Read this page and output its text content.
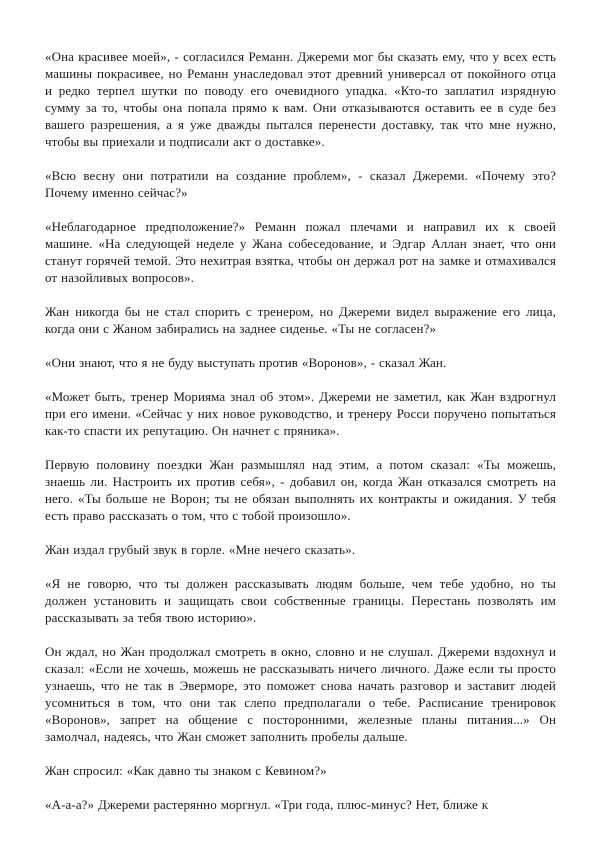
«Она красивее моей», - согласился Реманн. Джереми мог бы сказать ему, что у всех есть машины покрасивее, но Реманн унаследовал этот древний универсал от покойного отца и редко терпел шутки по поводу его очевидного упадка. «Кто-то заплатил изрядную сумму за то, чтобы она попала прямо к вам. Они отказываются оставить ее в суде без вашего разрешения, а я уже дважды пытался перенести доставку, так что мне нужно, чтобы вы приехали и подписали акт о доставке».

«Всю весну они потратили на создание проблем», - сказал Джереми. «Почему это? Почему именно сейчас?»

«Неблагодарное предположение?» Реманн пожал плечами и направил их к своей машине. «На следующей неделе у Жана собеседование, и Эдгар Аллан знает, что они станут горячей темой. Это нехитрая взятка, чтобы он держал рот на замке и отмахивался от назойливых вопросов».

Жан никогда бы не стал спорить с тренером, но Джереми видел выражение его лица, когда они с Жаном забирались на заднее сиденье. «Ты не согласен?»

«Они знают, что я не буду выступать против «Воронов», - сказал Жан.

«Может быть, тренер Морияма знал об этом». Джереми не заметил, как Жан вздрогнул при его имени. «Сейчас у них новое руководство, и тренеру Росси поручено попытаться как-то спасти их репутацию. Он начнет с пряника».

Первую половину поездки Жан размышлял над этим, а потом сказал: «Ты можешь, знаешь ли. Настроить их против себя», - добавил он, когда Жан отказался смотреть на него. «Ты больше не Ворон; ты не обязан выполнять их контракты и ожидания. У тебя есть право рассказать о том, что с тобой произошло».

Жан издал грубый звук в горле. «Мне нечего сказать».

«Я не говорю, что ты должен рассказывать людям больше, чем тебе удобно, но ты должен установить и защищать свои собственные границы. Перестань позволять им рассказывать за тебя твою историю».

Он ждал, но Жан продолжал смотреть в окно, словно и не слушал. Джереми вздохнул и сказал: «Если не хочешь, можешь не рассказывать ничего личного. Даже если ты просто узнаешь, что не так в Эверморе, это поможет снова начать разговор и заставит людей усомниться в том, что они так слепо предполагали о тебе. Расписание тренировок «Воронов», запрет на общение с посторонними, железные планы питания...» Он замолчал, надеясь, что Жан сможет заполнить пробелы дальше.

Жан спросил: «Как давно ты знаком с Кевином?»

«А-а-а?» Джереми растерянно моргнул. «Три года, плюс-минус? Нет, ближе к
